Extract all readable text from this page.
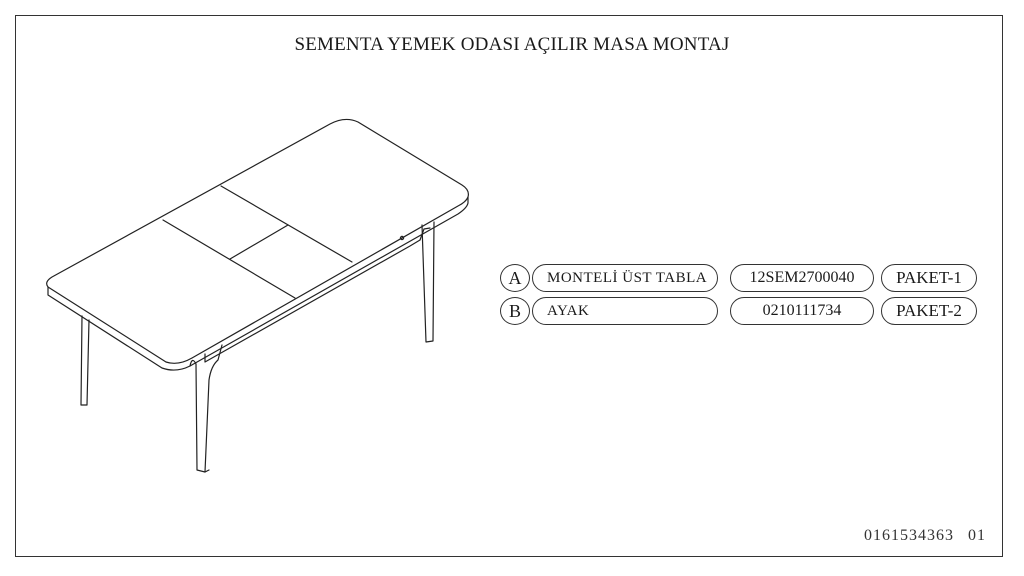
SEMENTA YEMEK ODASI AÇILIR MASA MONTAJ
A	MONTELİ ÜST TABLA	12SEM2700040	PAKET-1
B	AYAK	0210111734	PAKET-2
0161534363 01
